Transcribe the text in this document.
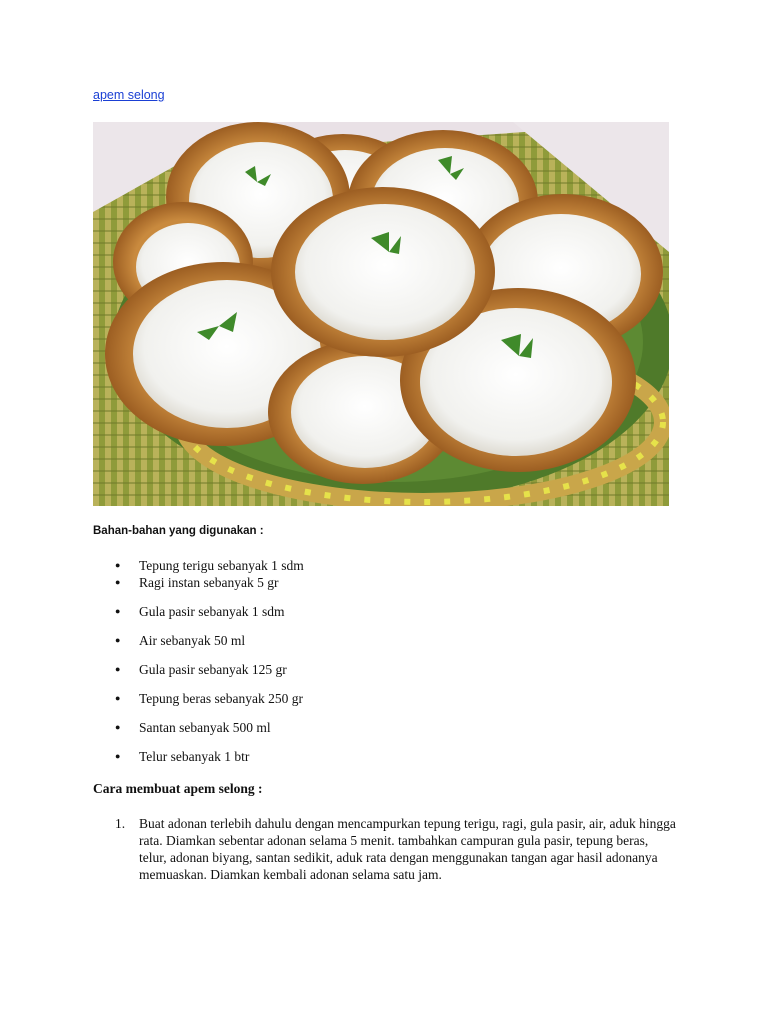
apem selong
Bahan-bahan yang digunakan :
● Tepung terigu sebanyak 1 sdm
● Ragi instan sebanyak 5 gr
● Gula pasir sebanyak 1 sdm
● Air sebanyak 50 ml
● Gula pasir sebanyak 125 gr
● Tepung beras sebanyak 250 gr
● Santan sebanyak 500 ml
● Telur sebanyak 1 btr
Cara membuat apem selong :
1. Buat adonan terlebih dahulu dengan mencampurkan tepung terigu, ragi, gula pasir, air, aduk hingga rata. Diamkan sebentar adonan selama 5 menit. tambahkan campuran gula pasir, tepung beras, telur, adonan biyang, santan sedikit, aduk rata dengan menggunakan tangan agar hasil adonanya memuaskan. Diamkan kembali adonan selama satu jam.
